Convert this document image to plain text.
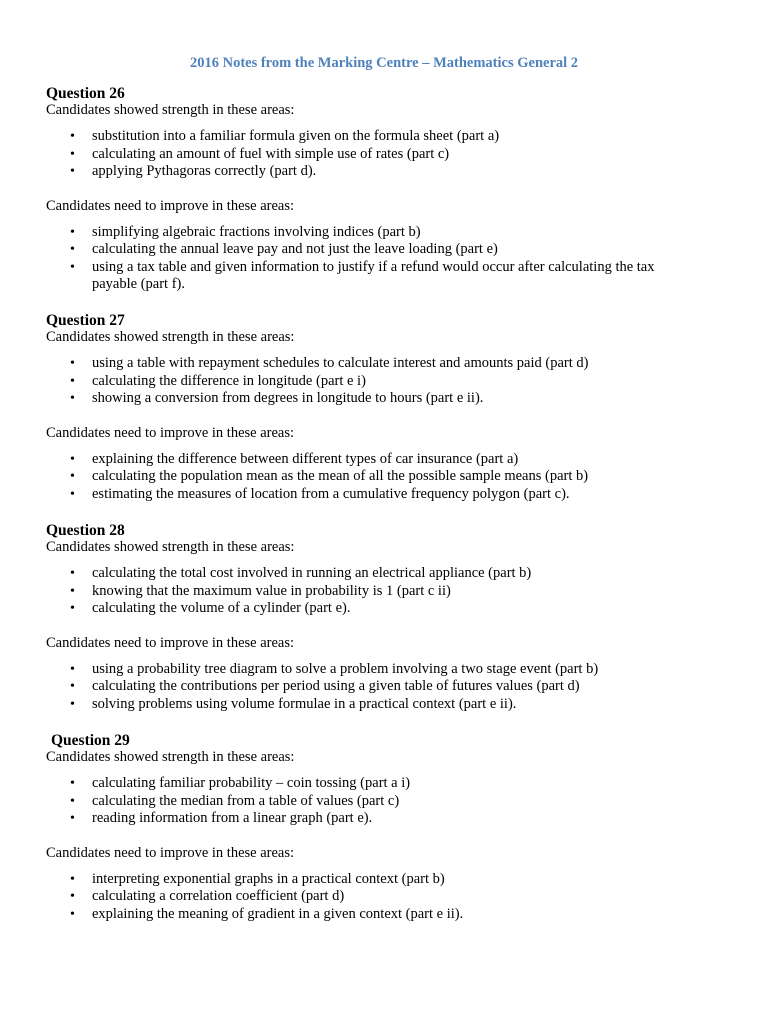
2016 Notes from the Marking Centre – Mathematics General 2

Question 26

Candidates showed strength in these areas:

• substitution into a familiar formula given on the formula sheet (part a)
• calculating an amount of fuel with simple use of rates (part c)
• applying Pythagoras correctly (part d).

Candidates need to improve in these areas:

• simplifying algebraic fractions involving indices (part b)
• calculating the annual leave pay and not just the leave loading (part e)
• using a tax table and given information to justify if a refund would occur after calculating the tax payable (part f).

Question 27

Candidates showed strength in these areas:

• using a table with repayment schedules to calculate interest and amounts paid (part d)
• calculating the difference in longitude (part e i)
• showing a conversion from degrees in longitude to hours (part e ii).

Candidates need to improve in these areas:

• explaining the difference between different types of car insurance (part a)
• calculating the population mean as the mean of all the possible sample means (part b)
• estimating the measures of location from a cumulative frequency polygon (part c).

Question 28

Candidates showed strength in these areas:

• calculating the total cost involved in running an electrical appliance (part b)
• knowing that the maximum value in probability is 1 (part c ii)
• calculating the volume of a cylinder (part e).

Candidates need to improve in these areas:

• using a probability tree diagram to solve a problem involving a two stage event (part b)
• calculating the contributions per period using a given table of futures values (part d)
• solving problems using volume formulae in a practical context (part e ii).

Question 29

Candidates showed strength in these areas:

• calculating familiar probability – coin tossing (part a i)
• calculating the median from a table of values (part c)
• reading information from a linear graph (part e).

Candidates need to improve in these areas:

• interpreting exponential graphs in a practical context (part b)
• calculating a correlation coefficient (part d)
• explaining the meaning of gradient in a given context (part e ii).
